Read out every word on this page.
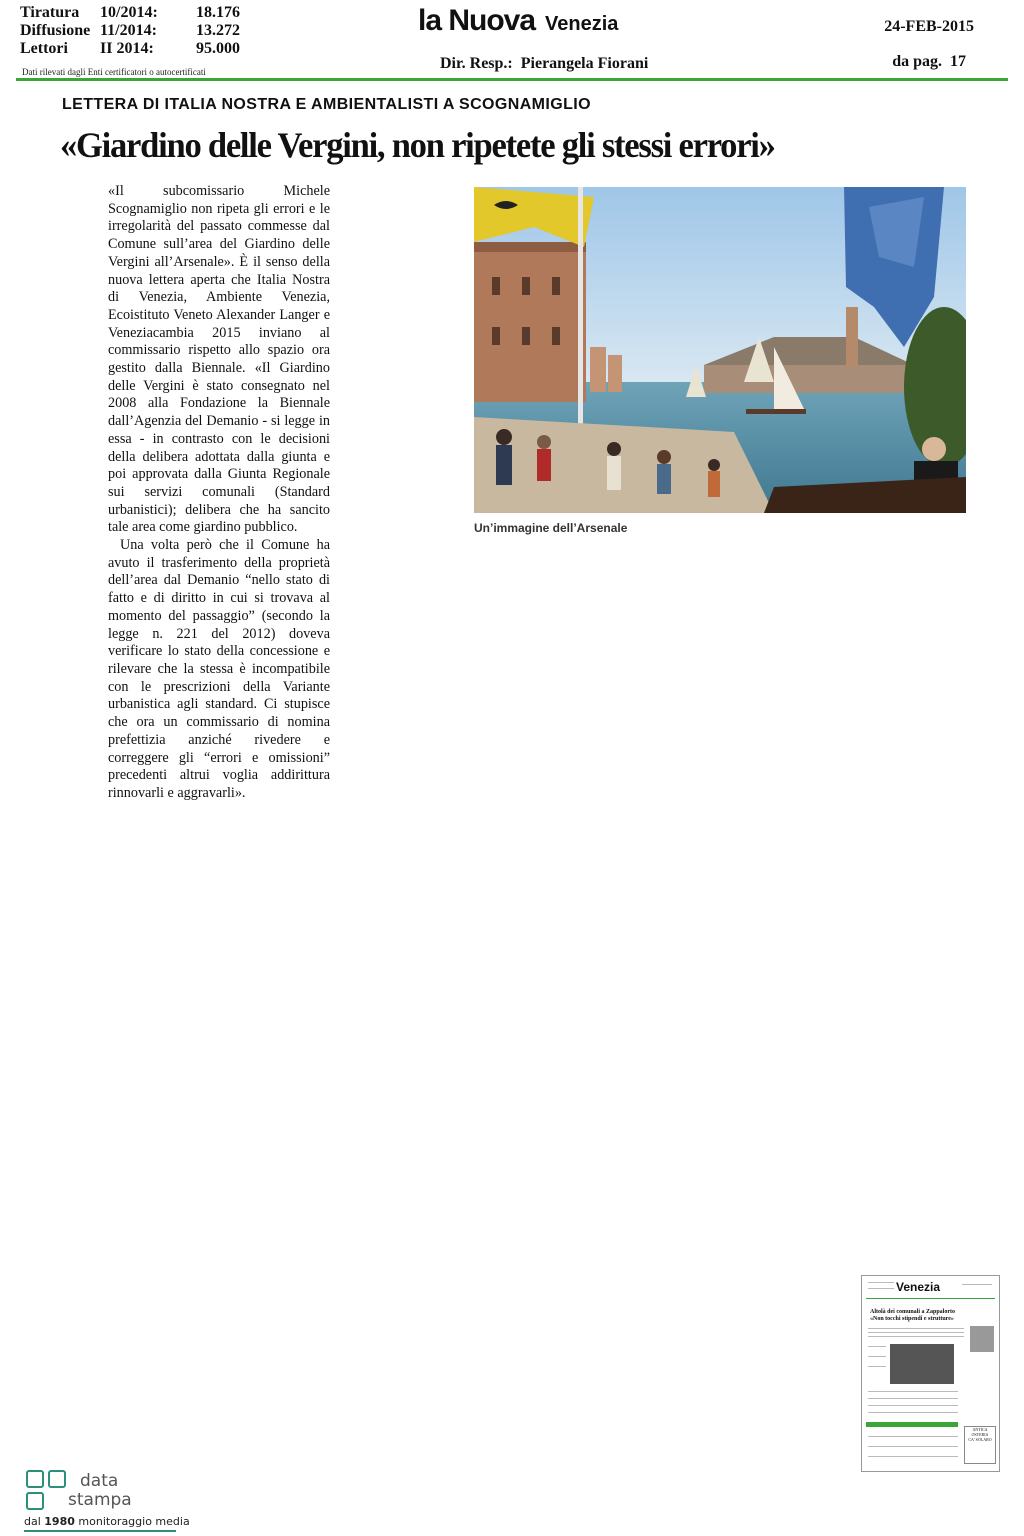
Tiratura	10/2014:	18.176
Diffusione 11/2014:	13.272
Lettori	II 2014:	95.000
Dati rilevati dagli Enti certificatori o autocertificati
la Nuova Venezia
Dir. Resp.: Pierangela Fiorani
24-FEB-2015
da pag. 17
LETTERA DI ITALIA NOSTRA E AMBIENTALISTI A SCOGNAMIGLIO
«Giardino delle Vergini, non ripetete gli stessi errori»

«Il subcomissario Michele Scognamiglio non ripeta gli errori e le irregolarità del passato commesse dal Comune sull’area del Giardino delle Vergini all’Arsenale». È il senso della nuova lettera aperta che Italia Nostra di Venezia, Ambiente Venezia, Ecoistituto Veneto Alexander Langer e Veneziacambia 2015 inviano al commissario rispetto allo spazio ora gestito dalla Biennale. «Il Giardino delle Vergini è stato consegnato nel 2008 alla Fondazione la Biennale dall’Agenzia del Demanio - si legge in essa - in contrasto con le decisioni della delibera adottata dalla giunta e poi approvata dalla Giunta Regionale sui servizi comunali (Standard urbanistici); delibera che ha sancito tale area come giardino pubblico.

Una volta però che il Comune ha avuto il trasferimento della proprietà dell’area dal Demanio “nello stato di fatto e di diritto in cui si trovava al momento del passaggio” (secondo la legge n. 221 del 2012) doveva verificare lo stato della concessione e rilevare che la stessa è incompatibile con le prescrizioni della Variante urbanistica agli standard. Ci stupisce che ora un commissario di nomina prefettizia anziché rivedere e correggere gli “errori e omissioni” precedenti altrui voglia addirittura rinnovarli e aggravarli».

Un’immagine dell’Arsenale
Venezia
Altolà dei comunali a Zappalorto
«Non tocchi stipendi e strutture»
ANTICA OSTERIA
CA' SOLARO
data
stampa
dal 1980 monitoraggio media
